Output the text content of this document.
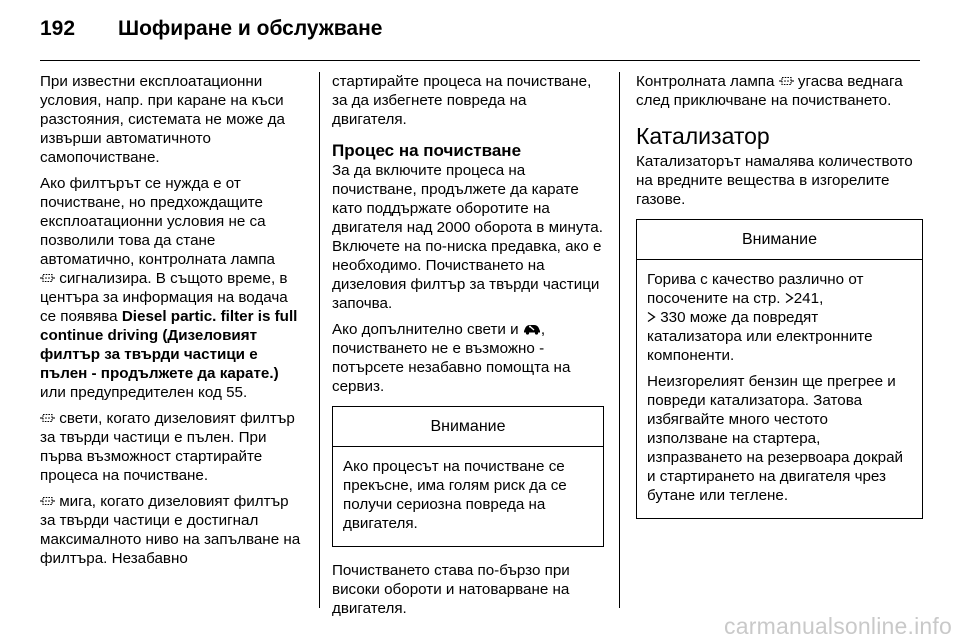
192	Шофиране и обслужване

При известни експлоатационни условия, напр. при каране на къси разстояния, системата не може да извърши автоматичното самопочистване.

Ако филтърът се нужда е от почистване, но предхождащите експлоатационни условия не са позволили това да стане автоматично, контролната лампа

сигнализира. В същото време, в центъра за информация на водача се появява Diesel partic. filter is full continue driving (Дизеловият филтър за твърди частици е пълен - продължете да карате.) или предупредителен код 55.

свети, когато дизеловият филтър за твърди частици е пълен. При първа възможност стартирайте процеса на почистване.

мига, когато дизеловият филтър за твърди частици е достигнал максималното ниво на запълване на филтъра. Незабавно

стартирайте процеса на почистване, за да избегнете повреда на двигателя.

Процес на почистване

За да включите процеса на почистване, продължете да карате като поддържате оборотите на двигателя над 2000 оборота в минута. Включете на по-ниска предавка, ако е необходимо. Почистването на дизеловия филтър за твърди частици започва.

Ако допълнително свети и , почистването не е възможно - потърсете незабавно помощта на сервиз.

Внимание

Ако процесът на почистване се прекъсне, има голям риск да се получи сериозна повреда на двигателя.

Почистването става по-бързо при високи обороти и натоварване на двигателя.

Контролната лампа
угасва веднага след приключване на почистването.

Катализатор

Катализаторът намалява количеството на вредните вещества в изгорелите газове.

Внимание

Горива с качество различно от посочените на стр. 241,
330 може да повредят катализатора или електронните компоненти.

Неизгорелият бензин ще прегрее и повреди катализатора. Затова избягвайте много честото използване на стартера, изпразването на резервоара докрай и стартирането на двигателя чрез бутане или теглене.

carmanualsonline.info
